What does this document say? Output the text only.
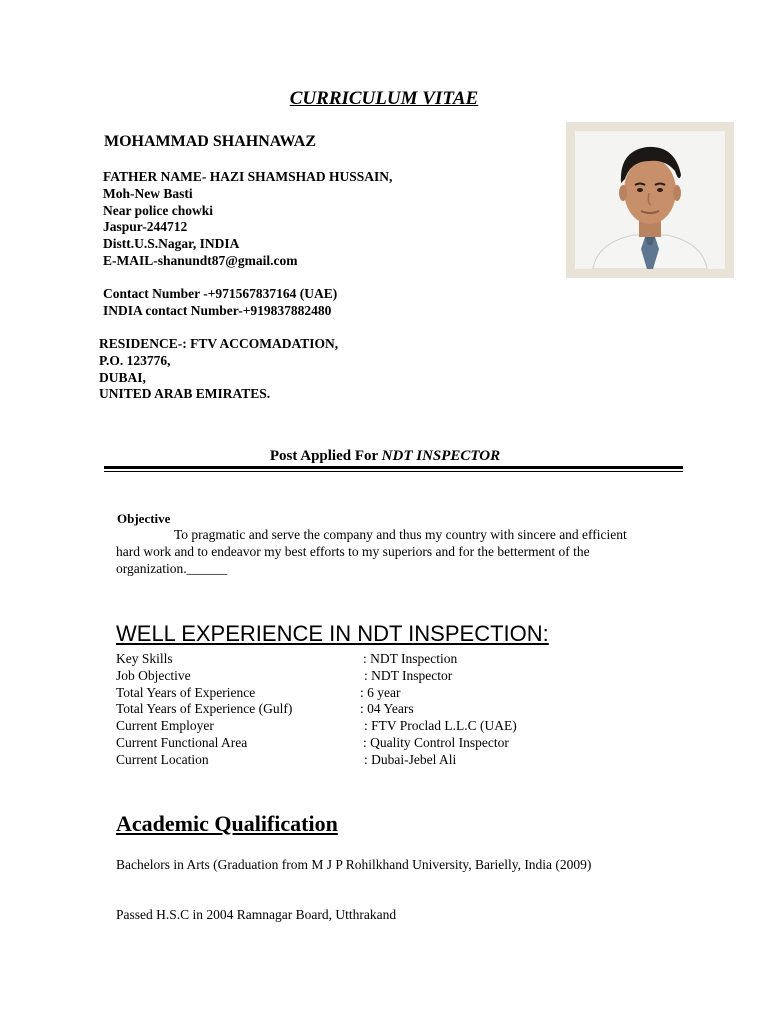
CURRICULUM VITAE
MOHAMMAD SHAHNAWAZ
FATHER NAME- HAZI SHAMSHAD HUSSAIN,
Moh-New Basti
Near police chowki
Jaspur-244712
Distt.U.S.Nagar, INDIA
E-MAIL-shanundt87@gmail.com
Contact Number -+971567837164 (UAE)
INDIA contact Number-+919837882480
RESIDENCE-: FTV ACCOMADATION,
P.O. 123776,
DUBAI,
UNITED ARAB EMIRATES.
Post Applied For NDT INSPECTOR
Objective
To pragmatic and serve the company and thus my country with sincere and efficient hard work and to endeavor my best efforts to my superiors and for the betterment of the organization.______
WELL EXPERIENCE IN NDT INSPECTION:
Key Skills	: NDT Inspection
Job Objective	: NDT Inspector
Total Years of Experience	: 6 year
Total Years of Experience (Gulf)	: 04 Years
Current Employer	: FTV Proclad L.L.C (UAE)
Current Functional Area	: Quality Control Inspector
Current Location	: Dubai-Jebel Ali
Academic Qualification
Bachelors in Arts (Graduation from M J P Rohilkhand University, Barielly, India (2009)
Passed H.S.C in 2004 Ramnagar Board, Utthrakand
